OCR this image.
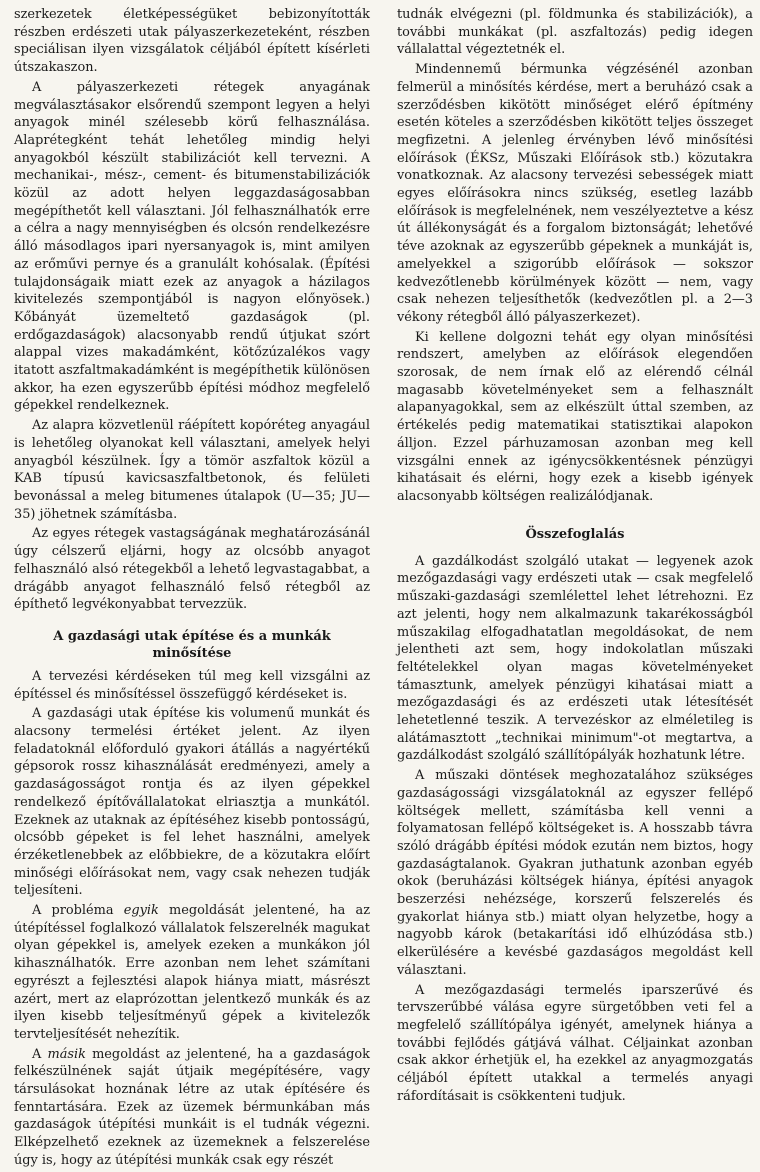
szerkezetek életképességüket bebizonyították részben erdészeti utak pályaszerkezeteként, részben speciálisan ilyen vizsgálatok céljából épített kísérleti útszakaszon.

A pályaszerkezeti rétegek anyagának megválasztásakor elsőrendű szempont legyen a helyi anyagok minél szélesebb körű felhasználása. Alaprétegként tehát lehetőleg mindig helyi anyagokból készült stabilizációt kell tervezni. A mechanikai-, mész-, cement- és bitumenstabilizációk közül az adott helyen leggazdaságosabban megépíthetőt kell választani. Jól felhasználhatók erre a célra a nagy mennyiségben és olcsón rendelkezésre álló másodlagos ipari nyersanyagok is, mint amilyen az erőművi pernye és a granulált kohósalak. (Építési tulajdonságaik miatt ezek az anyagok a házilagos kivitelezés szempontjából is nagyon előnyösek.) Kőbányát üzemeltető gazdaságok (pl. erdőgazdaságok) alacsonyabb rendű útjukat szórt alappal vizes makadámként, kötőzúzalékos vagy itatott aszfaltmakadámként is megépíthetik különösen akkor, ha ezen egyszerűbb építési módhoz megfelelő gépekkel rendelkeznek.

Az alapra közvetlenül ráépített kopóréteg anyagául is lehetőleg olyanokat kell választani, amelyek helyi anyagból készülnek. Így a tömör aszfaltok közül a KAB típusú kavicsaszfaltbetonok, és felületi bevonással a meleg bitumenes útalapok (U—35; JU—35) jöhetnek számításba.

Az egyes rétegek vastagságának meghatározásánál úgy célszerű eljárni, hogy az olcsóbb anyagot felhasználó alsó rétegekből a lehető legvastagabbat, a drágább anyagot felhasználó felső rétegből az építhető legvékonyabbat tervezzük.

A gazdasági utak építése és a munkák minősítése

A tervezési kérdéseken túl meg kell vizsgálni az építéssel és minősítéssel összefüggő kérdéseket is.

A gazdasági utak építése kis volumenű munkát és alacsony termelési értéket jelent. Az ilyen feladatoknál előforduló gyakori átállás a nagyértékű gépsorok rossz kihasználását eredményezi, amely a gazdaságosságot rontja és az ilyen gépekkel rendelkező építővállalatokat elriasztja a munkától. Ezeknek az utaknak az építéséhez kisebb pontosságú, olcsóbb gépeket is fel lehet használni, amelyek érzéketlenebbek az előbbiekre, de a közutakra előírt minőségi előírásokat nem, vagy csak nehezen tudják teljesíteni.

A probléma egyik megoldását jelentené, ha az útépítéssel foglalkozó vállalatok felszerelnék magukat olyan gépekkel is, amelyek ezeken a munkákon jól kihasználhatók. Erre azonban nem lehet számítani egyrészt a fejlesztési alapok hiánya miatt, másrészt azért, mert az elaprózottan jelentkező munkák és az ilyen kisebb teljesítményű gépek a kivitelezők tervteljesítését nehezítik.

A másik megoldást az jelentené, ha a gazdaságok felkészülnének saját útjaik megépítésére, vagy társulásokat hoznának létre az utak építésére és fenntartására. Ezek az üzemek bérmunkában más gazdaságok útépítési munkáit is el tudnák végezni. Elképzelhető ezeknek az üzemeknek a felszerelése úgy is, hogy az útépítési munkák csak egy részét

tudnák elvégezni (pl. földmunka és stabilizációk), a további munkákat (pl. aszfaltozás) pedig idegen vállalattal végeztetnék el.

Mindennemű bérmunka végzésénél azonban felmerül a minősítés kérdése, mert a beruházó csak a szerződésben kikötött minőséget elérő építmény esetén köteles a szerződésben kikötött teljes összeget megfizetni. A jelenleg érvényben lévő minősítési előírások (ÉKSz, Műszaki Előírások stb.) közutakra vonatkoznak. Az alacsony tervezési sebességek miatt egyes előírásokra nincs szükség, esetleg lazább előírások is megfelelnének, nem veszélyeztetve a kész út állékonyságát és a forgalom biztonságát; lehetővé téve azoknak az egyszerűbb gépeknek a munkáját is, amelyekkel a szigorúbb előírások — sokszor kedvezőtlenebb körülmények között — nem, vagy csak nehezen teljesíthetők (kedvezőtlen pl. a 2—3 vékony rétegből álló pályaszerkezet).

Ki kellene dolgozni tehát egy olyan minősítési rendszert, amelyben az előírások elegendően szorosak, de nem írnak elő az elérendő célnál magasabb követelményeket sem a felhasznált alapanyagokkal, sem az elkészült úttal szemben, az értékelés pedig matematikai statisztikai alapokon álljon. Ezzel párhuzamosan azonban meg kell vizsgálni ennek az igénycsökkentésnek pénzügyi kihatásait és elérni, hogy ezek a kisebb igények alacsonyabb költségen realizálódjanak.

Összefoglalás

A gazdálkodást szolgáló utakat — legyenek azok mezőgazdasági vagy erdészeti utak — csak megfelelő műszaki-gazdasági szemlélettel lehet létrehozni. Ez azt jelenti, hogy nem alkalmazunk takarékosságból műszakilag elfogadhatatlan megoldásokat, de nem jelentheti azt sem, hogy indokolatlan műszaki feltételekkel olyan magas követelményeket támasztunk, amelyek pénzügyi kihatásai miatt a mezőgazdasági és az erdészeti utak létesítését lehetetlenné teszik. A tervezéskor az elméletileg is alátámasztott „technikai minimum"-ot megtartva, a gazdálkodást szolgáló szállítópályák hozhatunk létre.

A műszaki döntések meghozatalához szükséges gazdaságossági vizsgálatoknál az egyszer fellépő költségek mellett, számításba kell venni a folyamatosan fellépő költségeket is. A hosszabb távra szóló drágább építési módok ezután nem biztos, hogy gazdaságtalanok. Gyakran juthatunk azonban egyéb okok (beruházási költségek hiánya, építési anyagok beszerzési nehézsége, korszerű felszerelés és gyakorlat hiánya stb.) miatt olyan helyzetbe, hogy a nagyobb károk (betakarítási idő elhúzódása stb.) elkerülésére a kevésbé gazdaságos megoldást kell választani.

A mezőgazdasági termelés iparszerűvé és tervszerűbbé válása egyre sürgetőbben veti fel a megfelelő szállítópálya igényét, amelynek hiánya a további fejlődés gátjává válhat. Céljainkat azonban csak akkor érhetjük el, ha ezekkel az anyagmozgatás céljából épített utakkal a termelés anyagi ráfordításait is csökkenteni tudjuk.
